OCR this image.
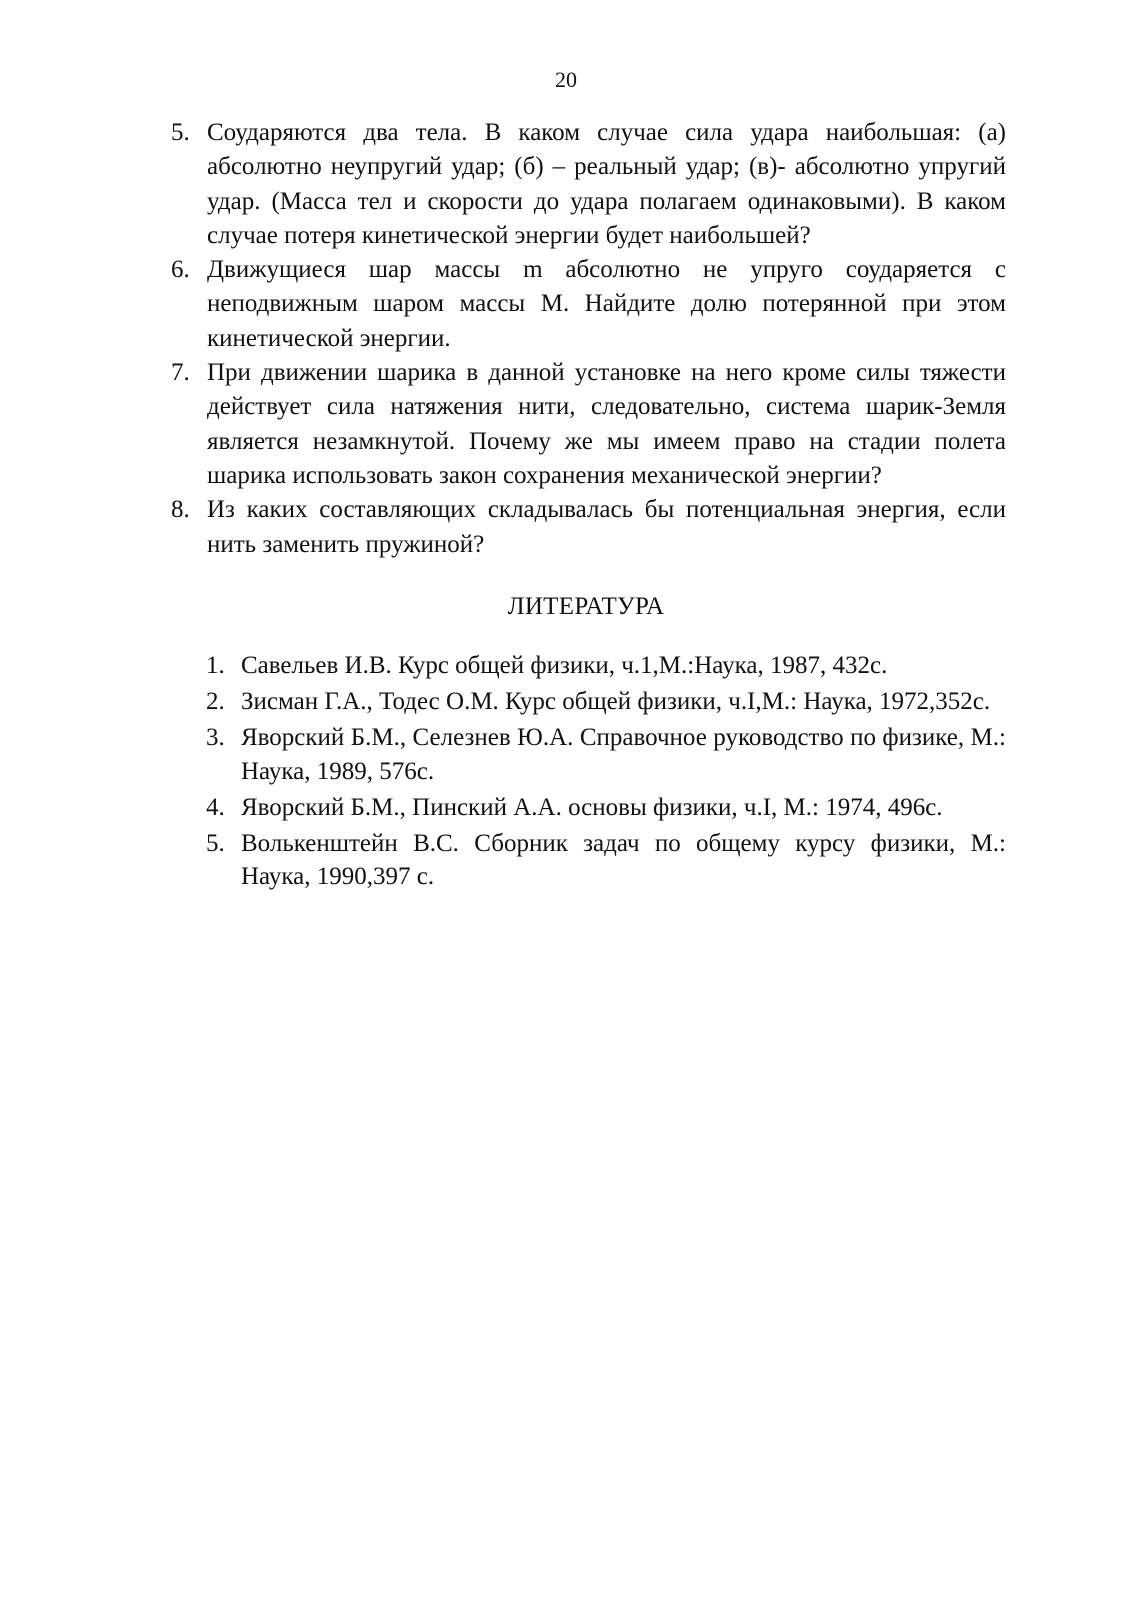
20
5. Соударяются два тела. В каком случае сила удара наибольшая: (а) абсолютно неупругий удар; (б) – реальный удар; (в)- абсолютно упругий удар. (Масса тел и скорости до удара полагаем одинаковыми). В каком случае потеря кинетической энергии будет наибольшей?
6. Движущиеся шар массы m абсолютно не упруго соударяется с неподвижным шаром массы М. Найдите долю потерянной при этом кинетической энергии.
7. При движении шарика в данной установке на него кроме силы тяжести действует сила натяжения нити, следовательно, система шарик-Земля является незамкнутой. Почему же мы имеем право на стадии полета шарика использовать закон сохранения механической энергии?
8. Из каких составляющих складывалась бы потенциальная энергия, если нить заменить пружиной?
ЛИТЕРАТУРА
1. Савельев И.В. Курс общей физики, ч.1,М.:Наука, 1987, 432с.
2. Зисман Г.А., Тодес О.М. Курс общей физики, ч.I,М.: Наука, 1972,352с.
3. Яворский Б.М., Селезнев Ю.А. Справочное руководство по физике, М.: Наука, 1989, 576с.
4. Яворский Б.М., Пинский А.А. основы физики, ч.I, М.: 1974, 496с.
5. Волькенштейн В.С. Сборник задач по общему курсу физики, М.: Наука, 1990,397 с.
